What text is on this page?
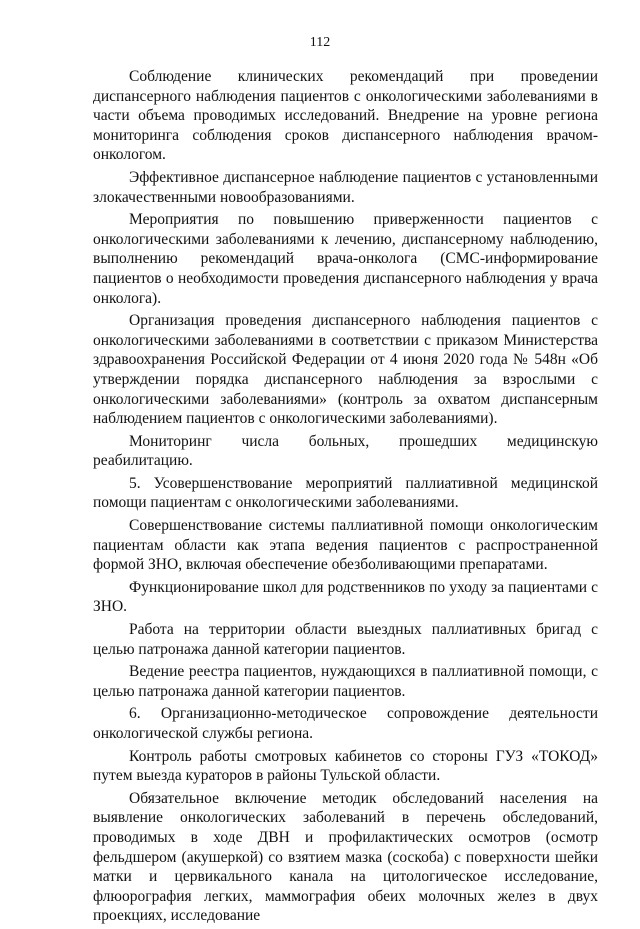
112

Соблюдение клинических рекомендаций при проведении диспансерного наблюдения пациентов с онкологическими заболеваниями в части объема проводимых исследований. Внедрение на уровне региона мониторинга соблюдения сроков диспансерного наблюдения врачом-онкологом.

Эффективное диспансерное наблюдение пациентов с установленными злокачественными новообразованиями.

Мероприятия по повышению приверженности пациентов с онкологическими заболеваниями к лечению, диспансерному наблюдению, выполнению рекомендаций врача-онколога (СМС-информирование пациентов о необходимости проведения диспансерного наблюдения у врача онколога).

Организация проведения диспансерного наблюдения пациентов с онкологическими заболеваниями в соответствии с приказом Министерства здравоохранения Российской Федерации от 4 июня 2020 года № 548н «Об утверждении порядка диспансерного наблюдения за взрослыми с онкологическими заболеваниями» (контроль за охватом диспансерным наблюдением пациентов с онкологическими заболеваниями).

Мониторинг числа больных, прошедших медицинскую реабилитацию.

5. Усовершенствование мероприятий паллиативной медицинской помощи пациентам с онкологическими заболеваниями.

Совершенствование системы паллиативной помощи онкологическим пациентам области как этапа ведения пациентов с распространенной формой ЗНО, включая обеспечение обезболивающими препаратами.

Функционирование школ для родственников по уходу за пациентами с ЗНО.

Работа на территории области выездных паллиативных бригад с целью патронажа данной категории пациентов.

Ведение реестра пациентов, нуждающихся в паллиативной помощи, с целью патронажа данной категории пациентов.

6. Организационно-методическое сопровождение деятельности онкологической службы региона.

Контроль работы смотровых кабинетов со стороны ГУЗ «ТОКОД» путем выезда кураторов в районы Тульской области.

Обязательное включение методик обследований населения на выявление онкологических заболеваний в перечень обследований, проводимых в ходе ДВН и профилактических осмотров (осмотр фельдшером (акушеркой) со взятием мазка (соскоба) с поверхности шейки матки и цервикального канала на цитологическое исследование, флюорография легких, маммография обеих молочных желез в двух проекциях, исследование
